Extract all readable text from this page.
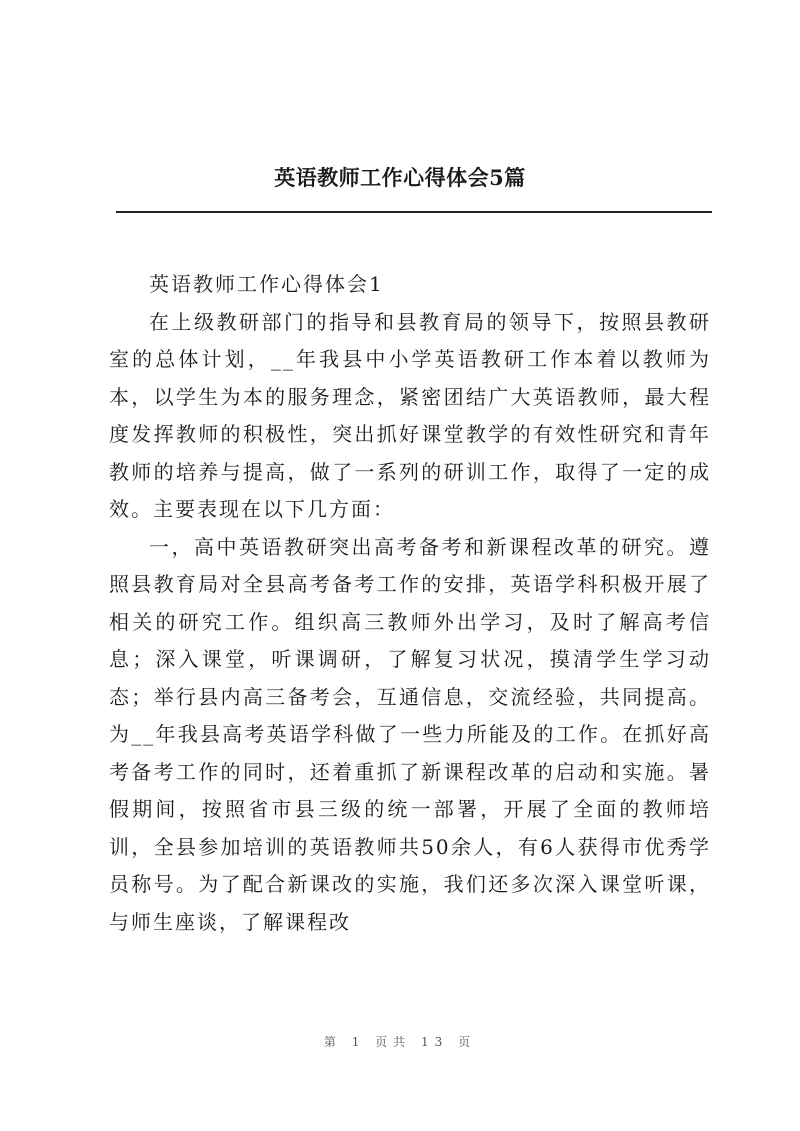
英语教师工作心得体会5篇

英语教师工作心得体会1

在上级教研部门的指导和县教育局的领导下，按照县教研室的总体计划，__年我县中小学英语教研工作本着以教师为本，以学生为本的服务理念，紧密团结广大英语教师，最大程度发挥教师的积极性，突出抓好课堂教学的有效性研究和青年教师的培养与提高，做了一系列的研训工作，取得了一定的成效。主要表现在以下几方面：

一，高中英语教研突出高考备考和新课程改革的研究。遵照县教育局对全县高考备考工作的安排，英语学科积极开展了相关的研究工作。组织高三教师外出学习，及时了解高考信息；深入课堂，听课调研，了解复习状况，摸清学生学习动态；举行县内高三备考会，互通信息，交流经验，共同提高。为__年我县高考英语学科做了一些力所能及的工作。在抓好高考备考工作的同时，还着重抓了新课程改革的启动和实施。暑假期间，按照省市县三级的统一部署，开展了全面的教师培训，全县参加培训的英语教师共50余人，有6人获得市优秀学员称号。为了配合新课改的实施，我们还多次深入课堂听课，与师生座谈，了解课程改

第 1 页共 13 页
